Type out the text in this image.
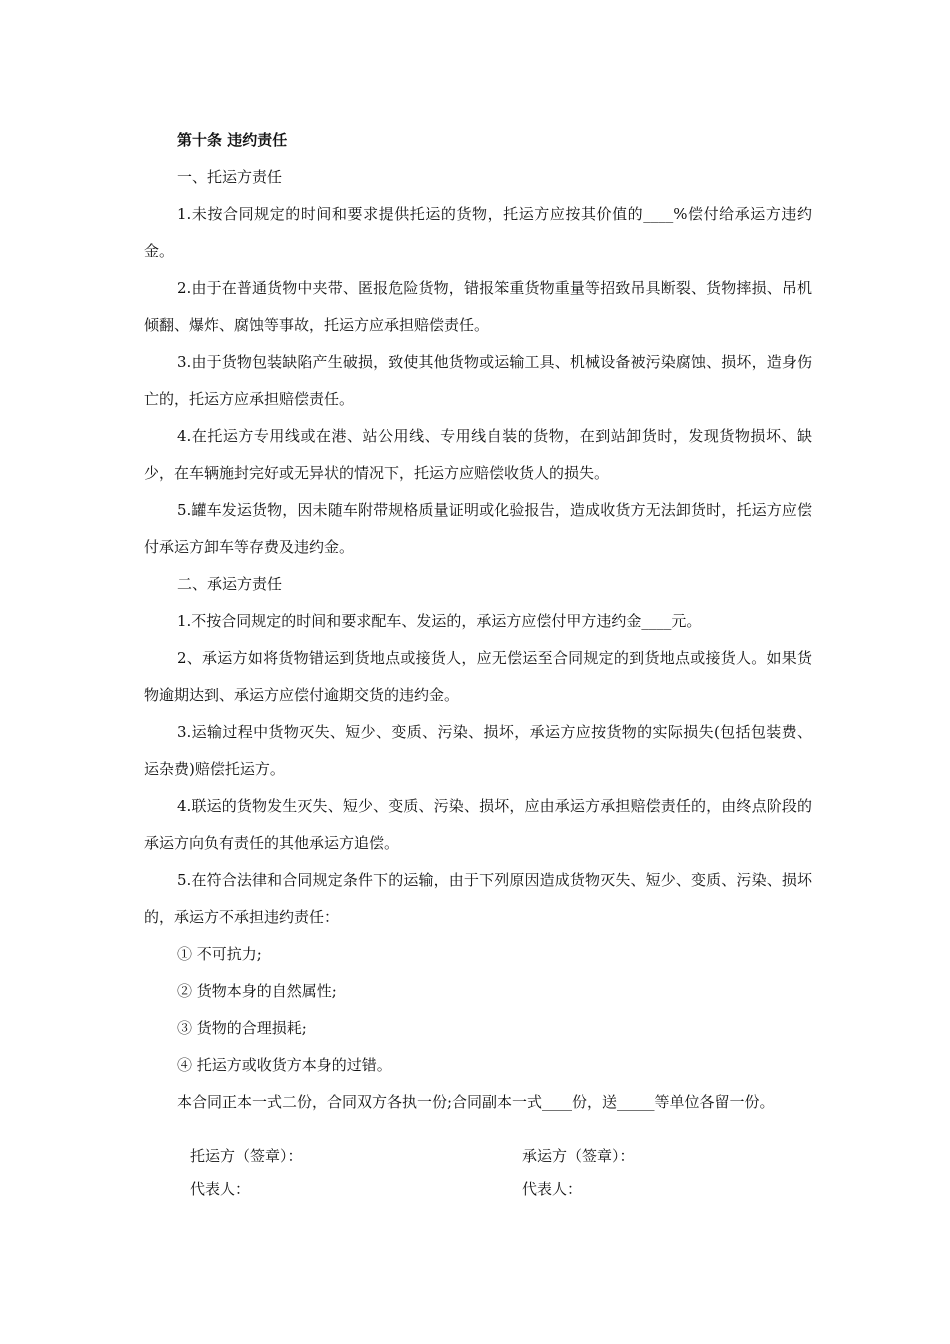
第十条 违约责任

一、托运方责任

1.未按合同规定的时间和要求提供托运的货物，托运方应按其价值的____%偿付给承运方违约金。

2.由于在普通货物中夹带、匿报危险货物，错报笨重货物重量等招致吊具断裂、货物摔损、吊机倾翻、爆炸、腐蚀等事故，托运方应承担赔偿责任。

3.由于货物包装缺陷产生破损，致使其他货物或运输工具、机械设备被污染腐蚀、损坏，造身伤亡的，托运方应承担赔偿责任。

4.在托运方专用线或在港、站公用线、专用线自装的货物，在到站卸货时，发现货物损坏、缺少，在车辆施封完好或无异状的情况下，托运方应赔偿收货人的损失。

5.罐车发运货物，因未随车附带规格质量证明或化验报告，造成收货方无法卸货时，托运方应偿付承运方卸车等存费及违约金。

二、承运方责任

1.不按合同规定的时间和要求配车、发运的，承运方应偿付甲方违约金____元。

2、承运方如将货物错运到货地点或接货人，应无偿运至合同规定的到货地点或接货人。如果货物逾期达到、承运方应偿付逾期交货的违约金。

3.运输过程中货物灭失、短少、变质、污染、损坏，承运方应按货物的实际损失(包括包装费、运杂费)赔偿托运方。

4.联运的货物发生灭失、短少、变质、污染、损坏，应由承运方承担赔偿责任的，由终点阶段的承运方向负有责任的其他承运方追偿。

5.在符合法律和合同规定条件下的运输，由于下列原因造成货物灭失、短少、变质、污染、损坏的，承运方不承担违约责任：

① 不可抗力;

② 货物本身的自然属性;

③ 货物的合理损耗;

④ 托运方或收货方本身的过错。

本合同正本一式二份，合同双方各执一份;合同副本一式____份，送_____等单位各留一份。

托运方（签章）：	承运方（签章）：
代表人：	代表人：
